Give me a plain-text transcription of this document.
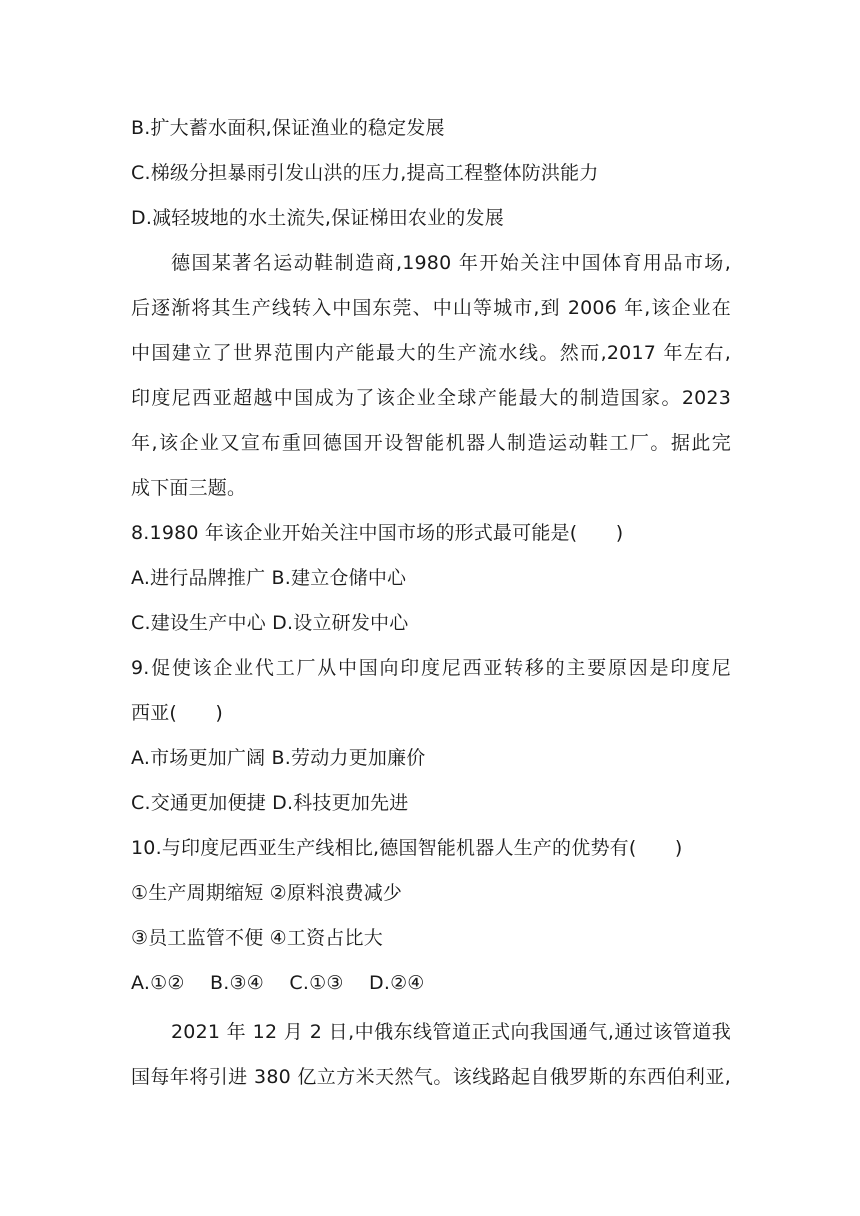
B.扩大蓄水面积,保证渔业的稳定发展
C.梯级分担暴雨引发山洪的压力,提高工程整体防洪能力
D.减轻坡地的水土流失,保证梯田农业的发展
德国某著名运动鞋制造商,1980 年开始关注中国体育用品市场,
后逐渐将其生产线转入中国东莞、中山等城市,到 2006 年,该企业在
中国建立了世界范围内产能最大的生产流水线。然而,2017 年左右,
印度尼西亚超越中国成为了该企业全球产能最大的制造国家。2023
年,该企业又宣布重回德国开设智能机器人制造运动鞋工厂。据此完
成下面三题。
8.1980 年该企业开始关注中国市场的形式最可能是(　　)
A.进行品牌推广 B.建立仓储中心
C.建设生产中心 D.设立研发中心
9.促使该企业代工厂从中国向印度尼西亚转移的主要原因是印度尼
西亚(　　)
A.市场更加广阔 B.劳动力更加廉价
C.交通更加便捷 D.科技更加先进
10.与印度尼西亚生产线相比,德国智能机器人生产的优势有(　　)
①生产周期缩短 ②原料浪费减少
③员工监管不便 ④工资占比大
A.①②　 B.③④　 C.①③　 D.②④
2021 年 12 月 2 日,中俄东线管道正式向我国通气,通过该管道我
国每年将引进 380 亿立方米天然气。该线路起自俄罗斯的东西伯利亚,
